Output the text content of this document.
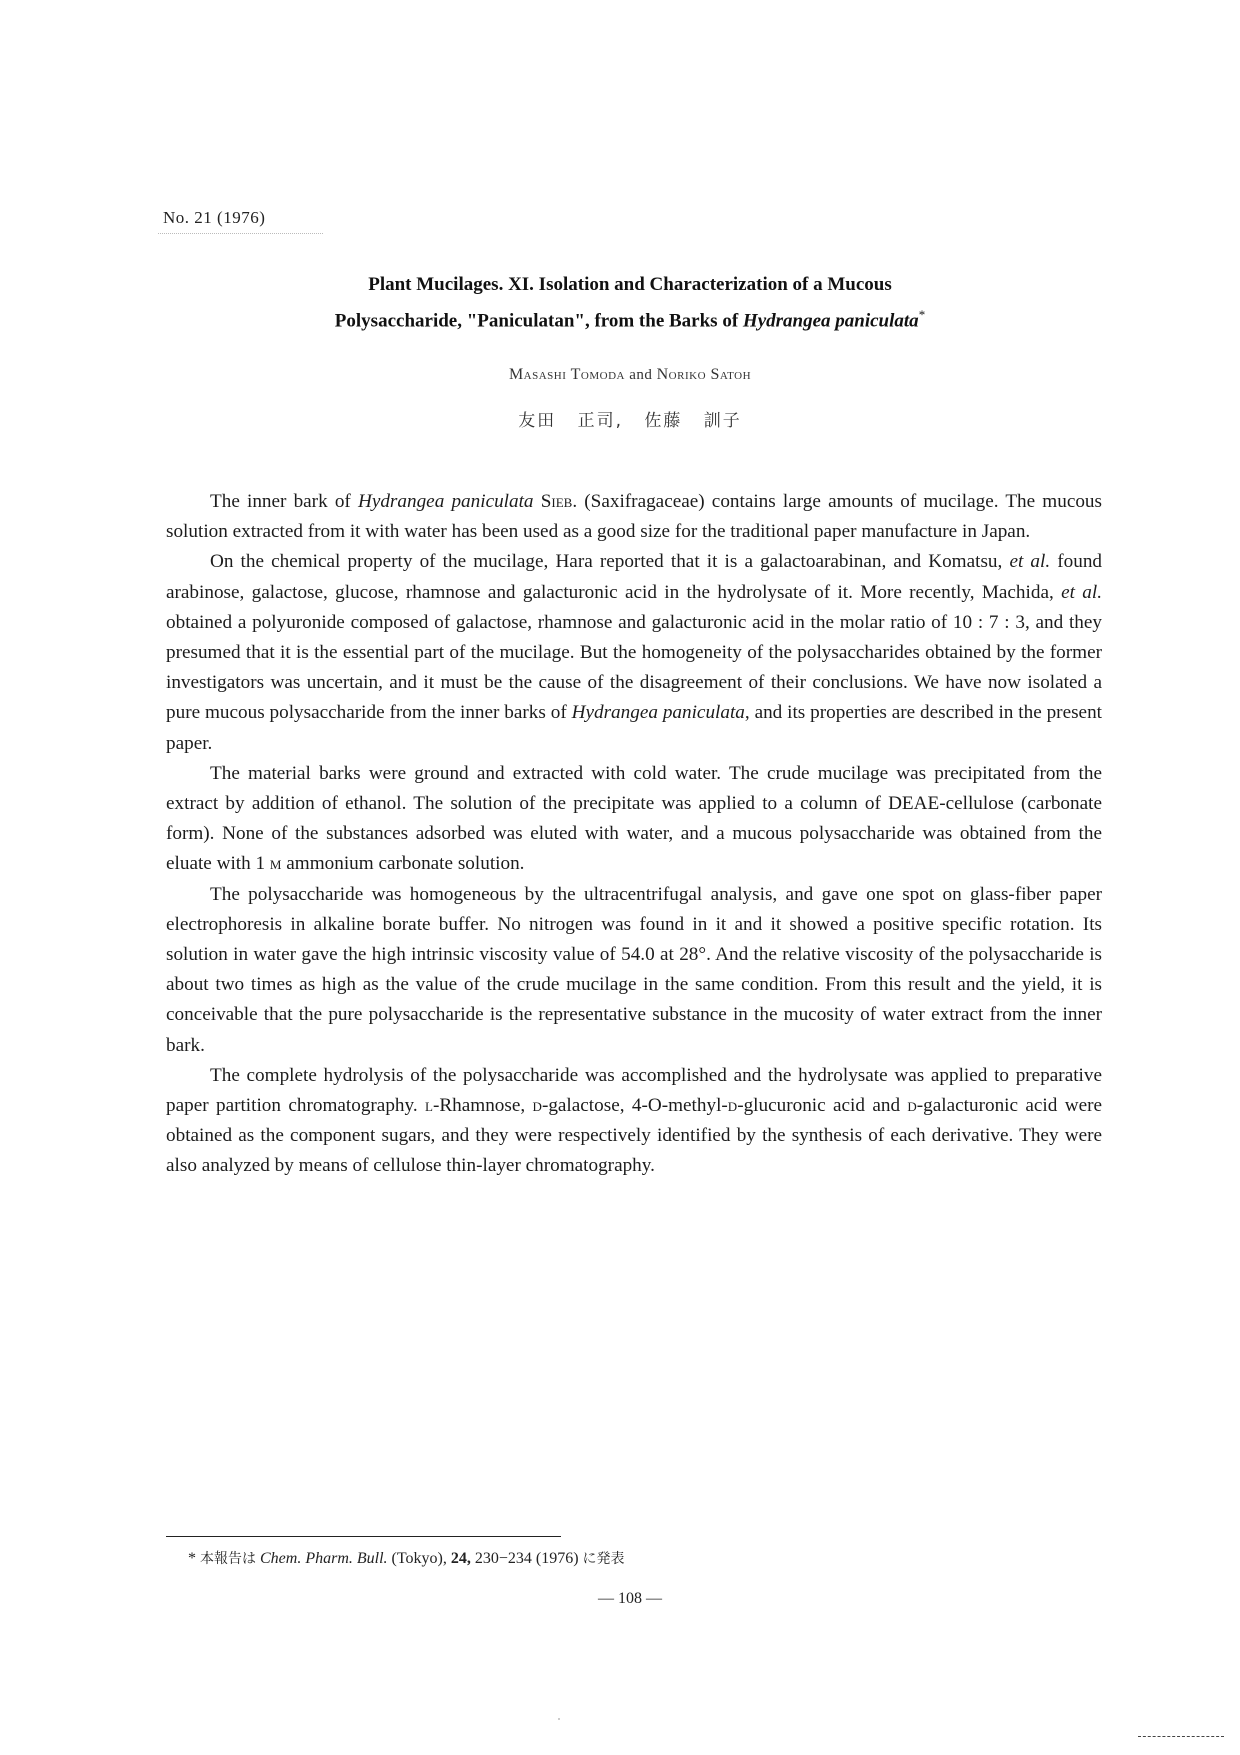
No. 21 (1976)
Plant Mucilages. XI. Isolation and Characterization of a Mucous
Polysaccharide, "Paniculatan", from the Barks of Hydrangea paniculata*
Masashi Tomoda and Noriko Satoh
友田 正司, 佐藤 訓子

The inner bark of Hydrangea paniculata Sieb. (Saxifragaceae) contains large amounts of mucilage. The mucous solution extracted from it with water has been used as a good size for the traditional paper manufacture in Japan.

On the chemical property of the mucilage, Hara reported that it is a galactoarabinan, and Komatsu, et al. found arabinose, galactose, glucose, rhamnose and galacturonic acid in the hydrolysate of it. More recently, Machida, et al. obtained a polyuronide composed of galactose, rhamnose and galacturonic acid in the molar ratio of 10 : 7 : 3, and they presumed that it is the essential part of the mucilage. But the homogeneity of the polysaccharides obtained by the former investigators was uncertain, and it must be the cause of the disagreement of their conclusions. We have now isolated a pure mucous polysaccharide from the inner barks of Hydrangea paniculata, and its properties are described in the present paper.

The material barks were ground and extracted with cold water. The crude mucilage was precipitated from the extract by addition of ethanol. The solution of the precipitate was applied to a column of DEAE-cellulose (carbonate form). None of the substances adsorbed was eluted with water, and a mucous polysaccharide was obtained from the eluate with 1 m ammonium carbonate solution.

The polysaccharide was homogeneous by the ultracentrifugal analysis, and gave one spot on glass-fiber paper electrophoresis in alkaline borate buffer. No nitrogen was found in it and it showed a positive specific rotation. Its solution in water gave the high intrinsic viscosity value of 54.0 at 28°. And the relative viscosity of the polysaccharide is about two times as high as the value of the crude mucilage in the same condition. From this result and the yield, it is conceivable that the pure polysaccharide is the representative substance in the mucosity of water extract from the inner bark.

The complete hydrolysis of the polysaccharide was accomplished and the hydrolysate was applied to preparative paper partition chromatography. l-Rhamnose, d-galactose, 4-O-methyl-d-glucuronic acid and d-galacturonic acid were obtained as the component sugars, and they were respectively identified by the synthesis of each derivative. They were also analyzed by means of cellulose thin-layer chromatography.

* 本報告は Chem. Pharm. Bull. (Tokyo), 24, 230−234 (1976) に発表
— 108 —
